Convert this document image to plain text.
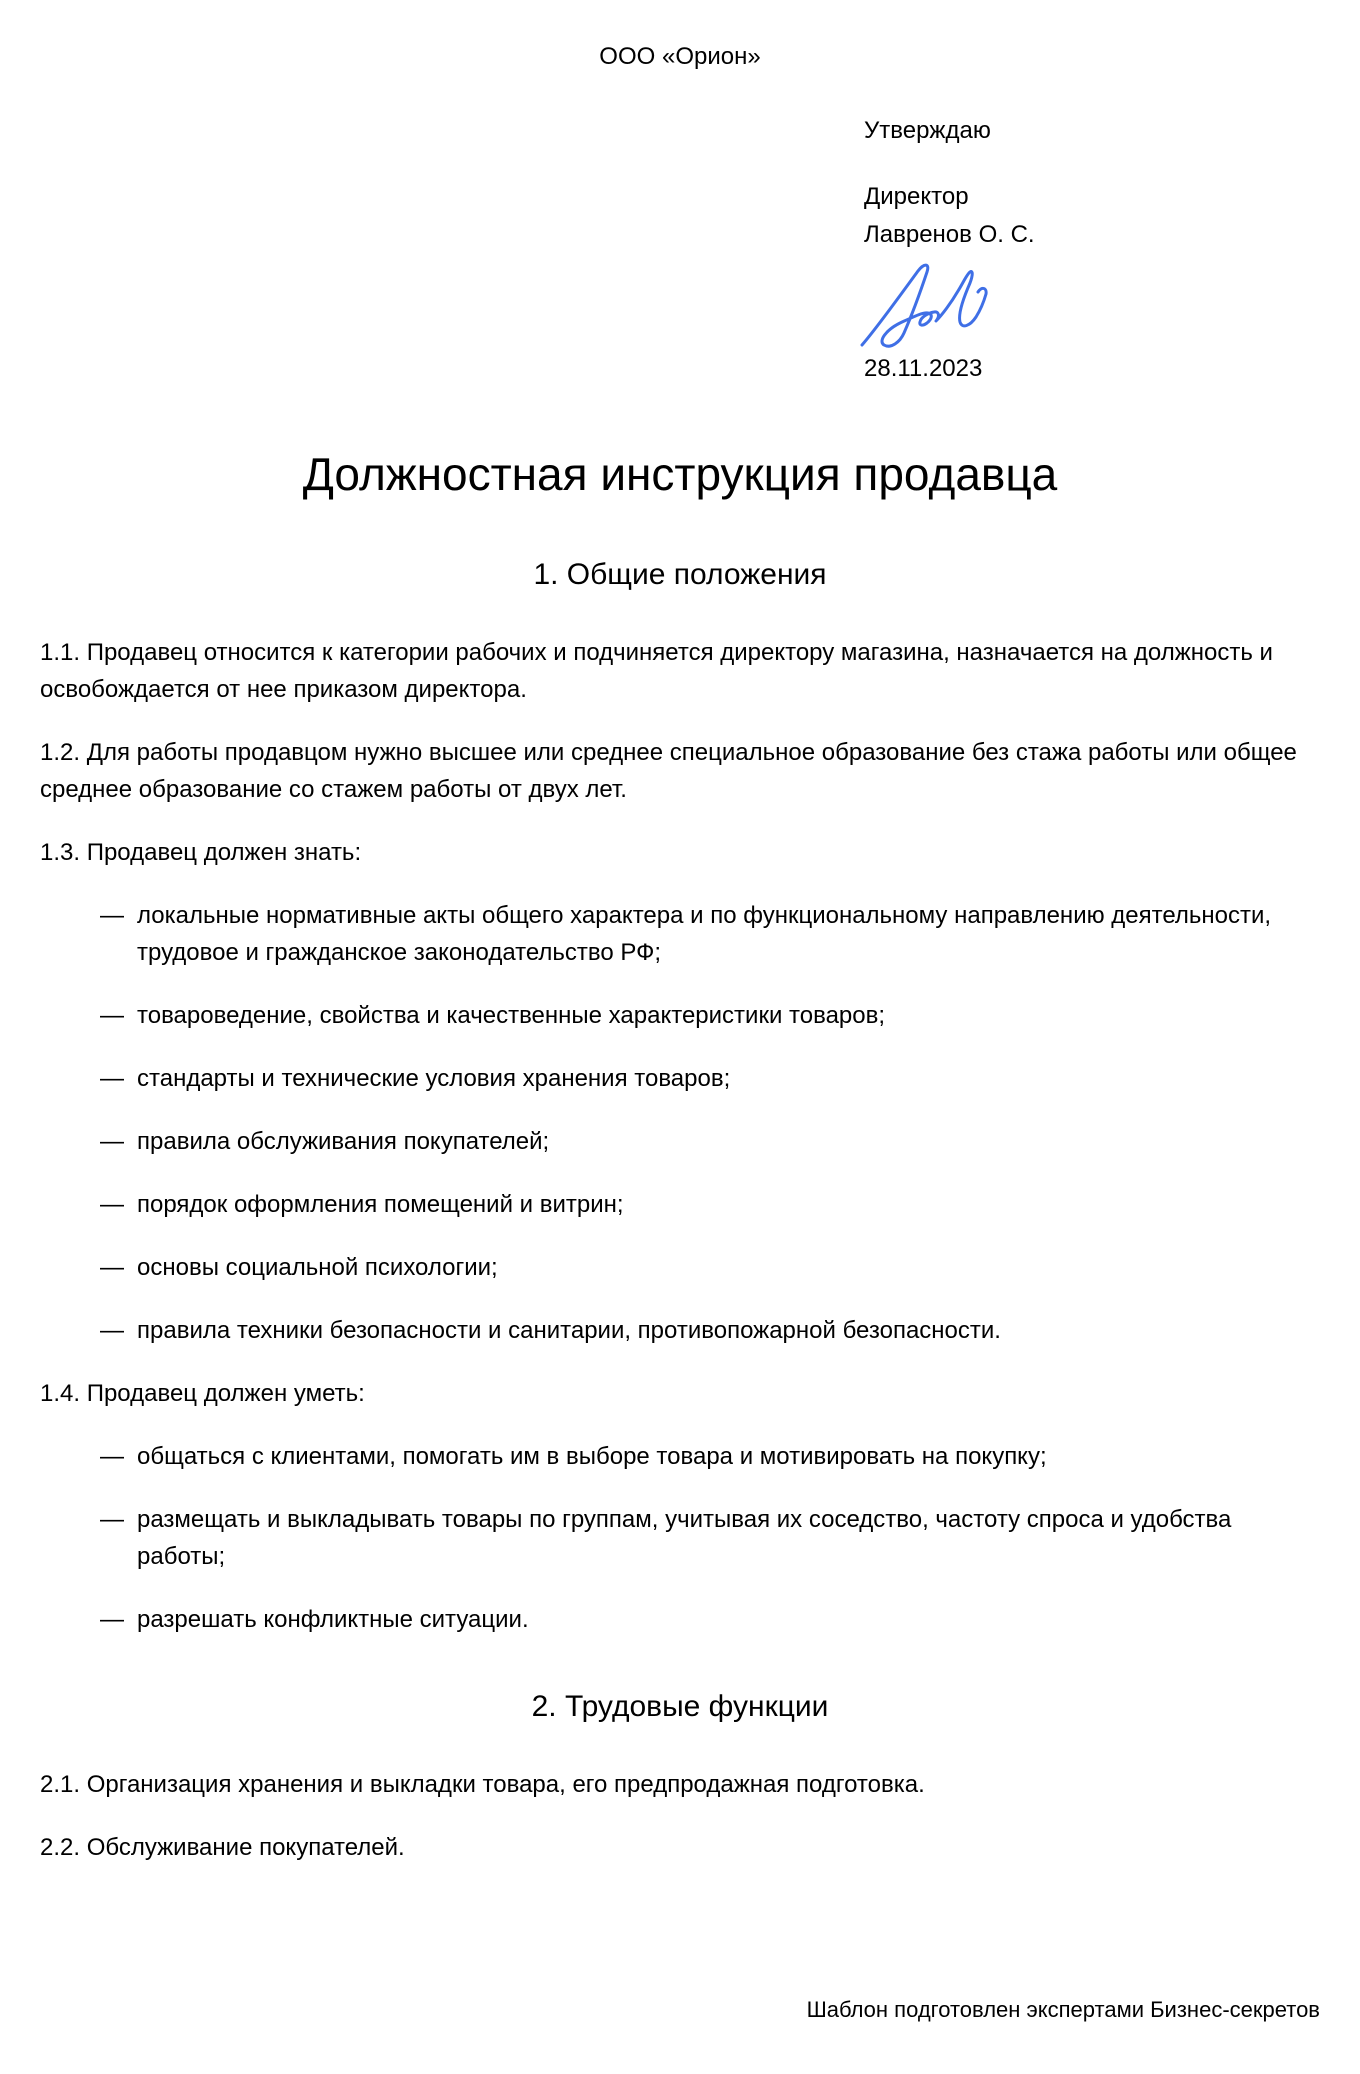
ООО «Орион»
Утверждаю
Директор
Лавренов О. С.
28.11.2023
Должностная инструкция продавца
1. Общие положения

1.1. Продавец относится к категории рабочих и подчиняется директору магазина, назначается на должность и освобождается от нее приказом директора.

1.2. Для работы продавцом нужно высшее или среднее специальное образование без стажа работы или общее среднее образование со стажем работы от двух лет.

1.3. Продавец должен знать:

— локальные нормативные акты общего характера и по функциональному направлению деятельности, трудовое и гражданское законодательство РФ;

— товароведение, свойства и качественные характеристики товаров;

— стандарты и технические условия хранения товаров;

— правила обслуживания покупателей;

— порядок оформления помещений и витрин;

— основы социальной психологии;

— правила техники безопасности и санитарии, противопожарной безопасности.

1.4. Продавец должен уметь:

— общаться с клиентами, помогать им в выборе товара и мотивировать на покупку;

— размещать и выкладывать товары по группам, учитывая их соседство, частоту спроса и удобства работы;

— разрешать конфликтные ситуации.

2. Трудовые функции

2.1. Организация хранения и выкладки товара, его предпродажная подготовка.

2.2. Обслуживание покупателей.

Шаблон подготовлен экспертами Бизнес-секретов
